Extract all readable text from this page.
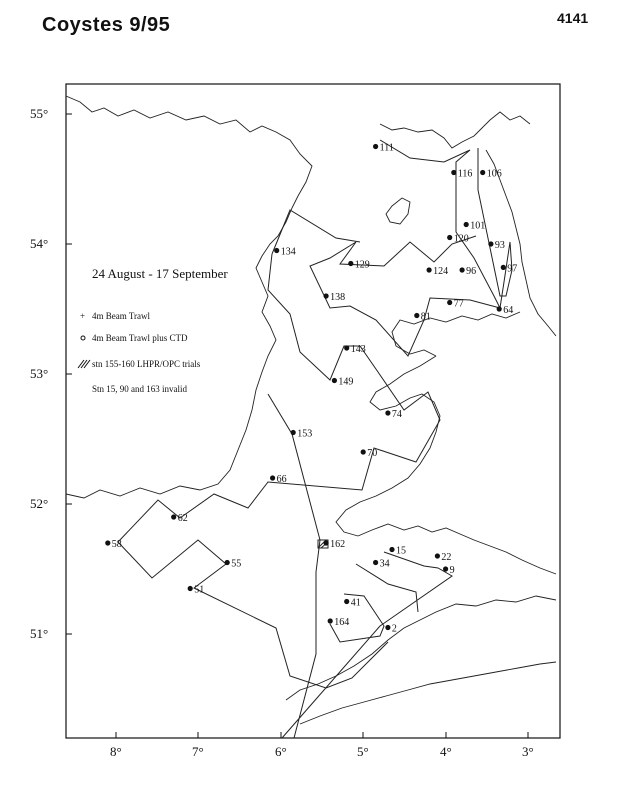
Coystes 9/95	4141
55°
54°
53°
52°
51°
8°	7°	6°	5°	4°	3°
111
116 106
101
120
93
96	97
134
129
124
138
77
81
64
143
149
74
153
70
66
62
58
55
51
162
34
15
22
9
41
164
2
24 August - 17 September
+ 4m Beam Trawl
4m Beam Trawl plus CTD
stn 155-160 LHPR/OPC trials
Stn 15, 90 and 163 invalid
